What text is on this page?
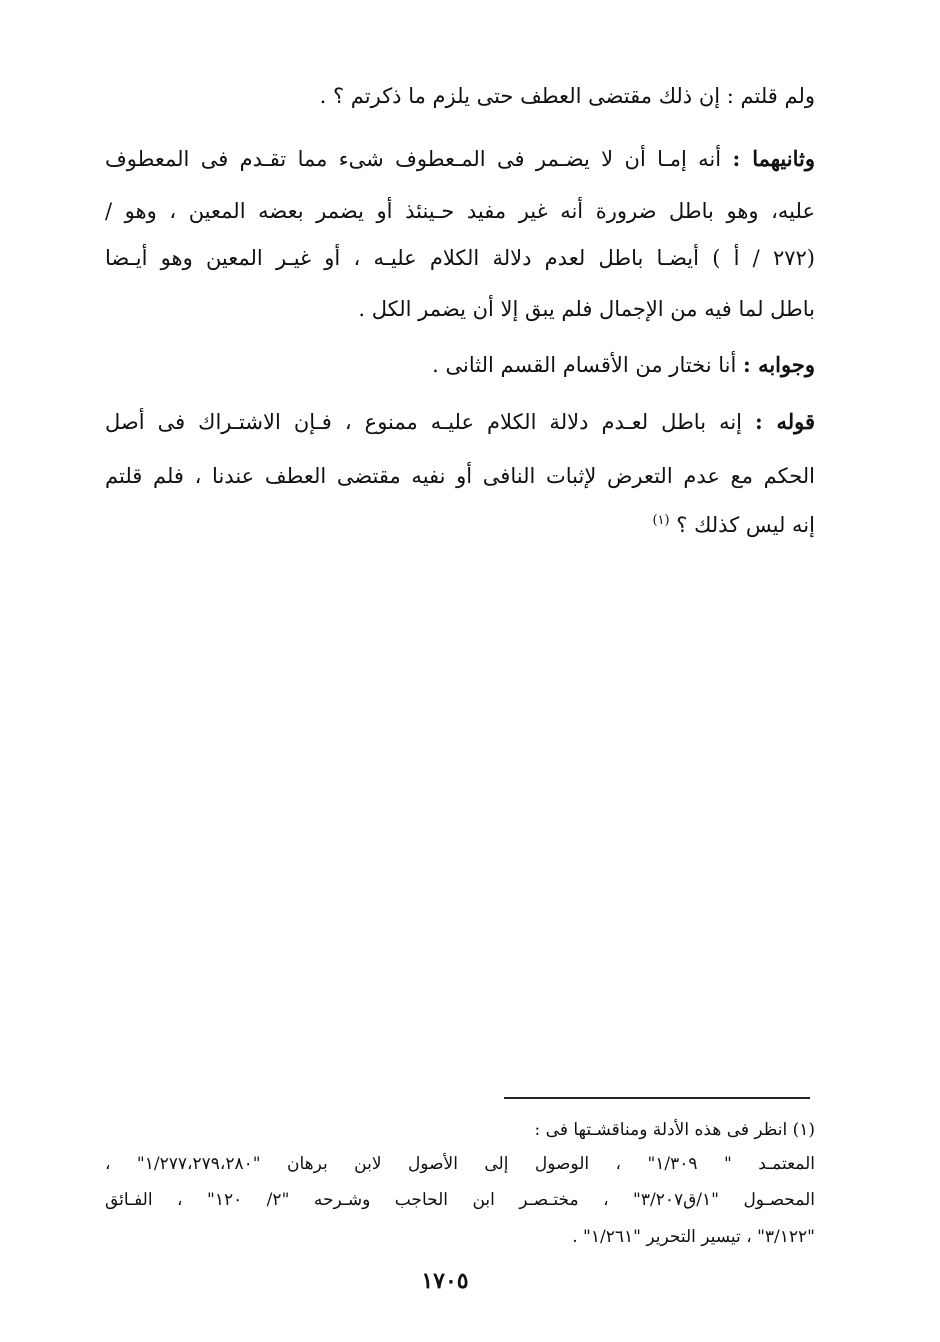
ولم قلتم : إن ذلك مقتضى العطف حتى يلزم ما ذكرتم ؟ .
وثانيهما : أنه إمـا أن لا يضـمر فى المـعطوف شىء مما تقـدم فى المعطوف
عليه، وهو باطل ضرورة أنه غير مفيد حـينئذ أو يضمر بعضه المعين ، وهو /
(٢٧٢ / أ ) أيضـا باطل لعدم دلالة الكلام عليـه ، أو غيـر المعين وهو أيـضا
باطل لما فيه من الإجمال فلم يبق إلا أن يضمر الكل .
وجوابه : أنا نختار من الأقسام القسم الثانى .
قوله : إنه باطل لعـدم دلالة الكلام عليـه ممنوع ، فـإن الاشتـراك فى أصل
الحكم مع عدم التعرض لإثبات النافى أو نفيه مقتضى العطف عندنا ، فلم قلتم
إنه ليس كذلك ؟ $^{(١)}$
(١) انظر فى هذه الأدلة ومناقشـتها فى :
المعتمـد " ١/٣٠٩" ، الوصول إلى الأصول لابن برهان "١/٢٧٧،٢٧٩،٢٨٠" ،
المحصـول "١/ق٣/٢٠٧" ، مختـصـر ابن الحاجب وشـرحه "٢/ ١٢٠" ، الفـائق
"٣/١٢٢" ، تيسير التحرير "١/٢٦١" .
١٧٠٥
